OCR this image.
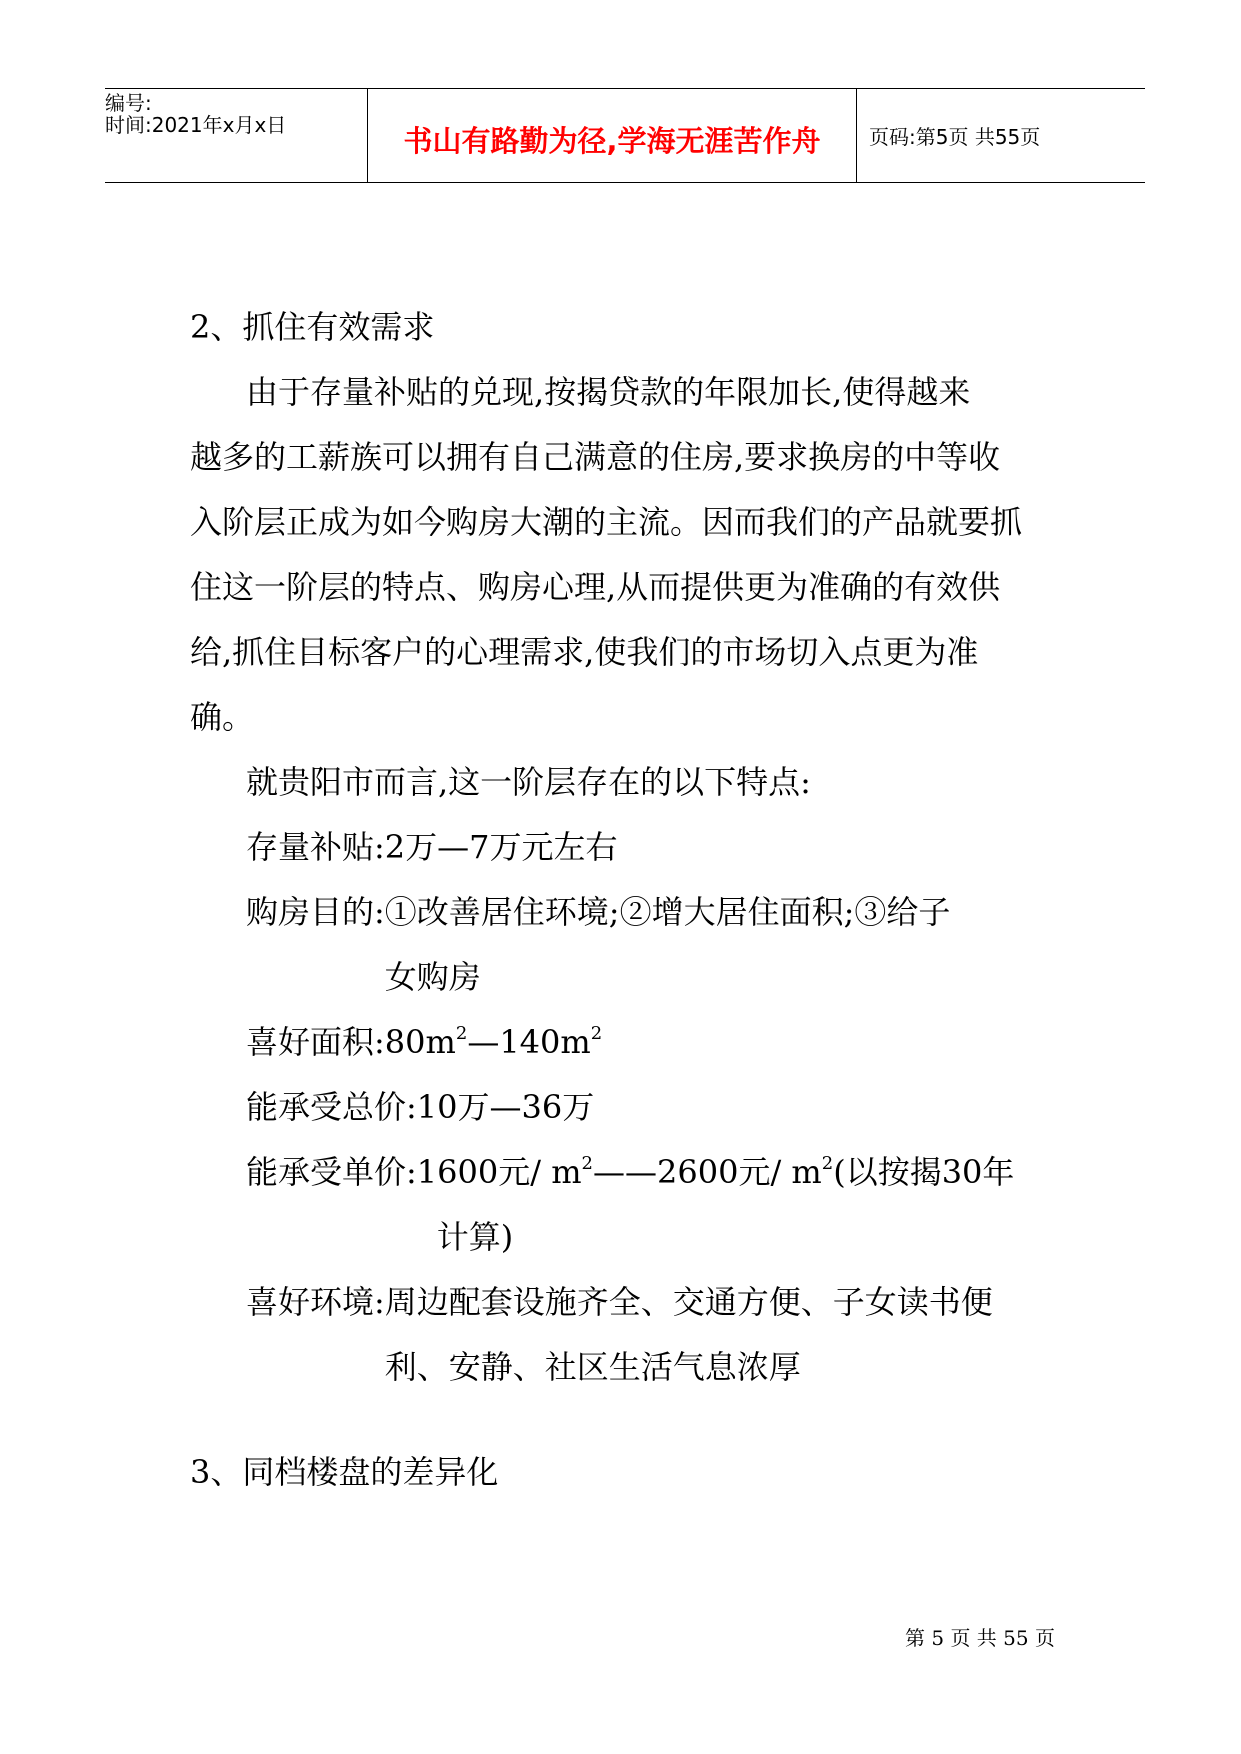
编号:
时间:2021年x月x日	书山有路勤为径,学海无涯苦作舟	页码:第5页 共55页
2、抓住有效需求
由于存量补贴的兑现,按揭贷款的年限加长,使得越来
越多的工薪族可以拥有自己满意的住房,要求换房的中等收
入阶层正成为如今购房大潮的主流。因而我们的产品就要抓
住这一阶层的特点、购房心理,从而提供更为准确的有效供
给,抓住目标客户的心理需求,使我们的市场切入点更为准
确。
就贵阳市而言,这一阶层存在的以下特点:
存量补贴:2万—7万元左右
购房目的: ①改善居住环境;②增大居住面积;③给子
女购房
喜好面积$:80m^2—140m^2$
能承受总价:10万—36万
能承受单价: 1600元/ $m^2——2600$元/ $m^2$(以按揭30年
计算)
喜好环境: 周边配套设施齐全、交通方便、子女读书便
利、安静、社区生活气息浓厚
3、同档楼盘的差异化
第 5 页 共 55 页
